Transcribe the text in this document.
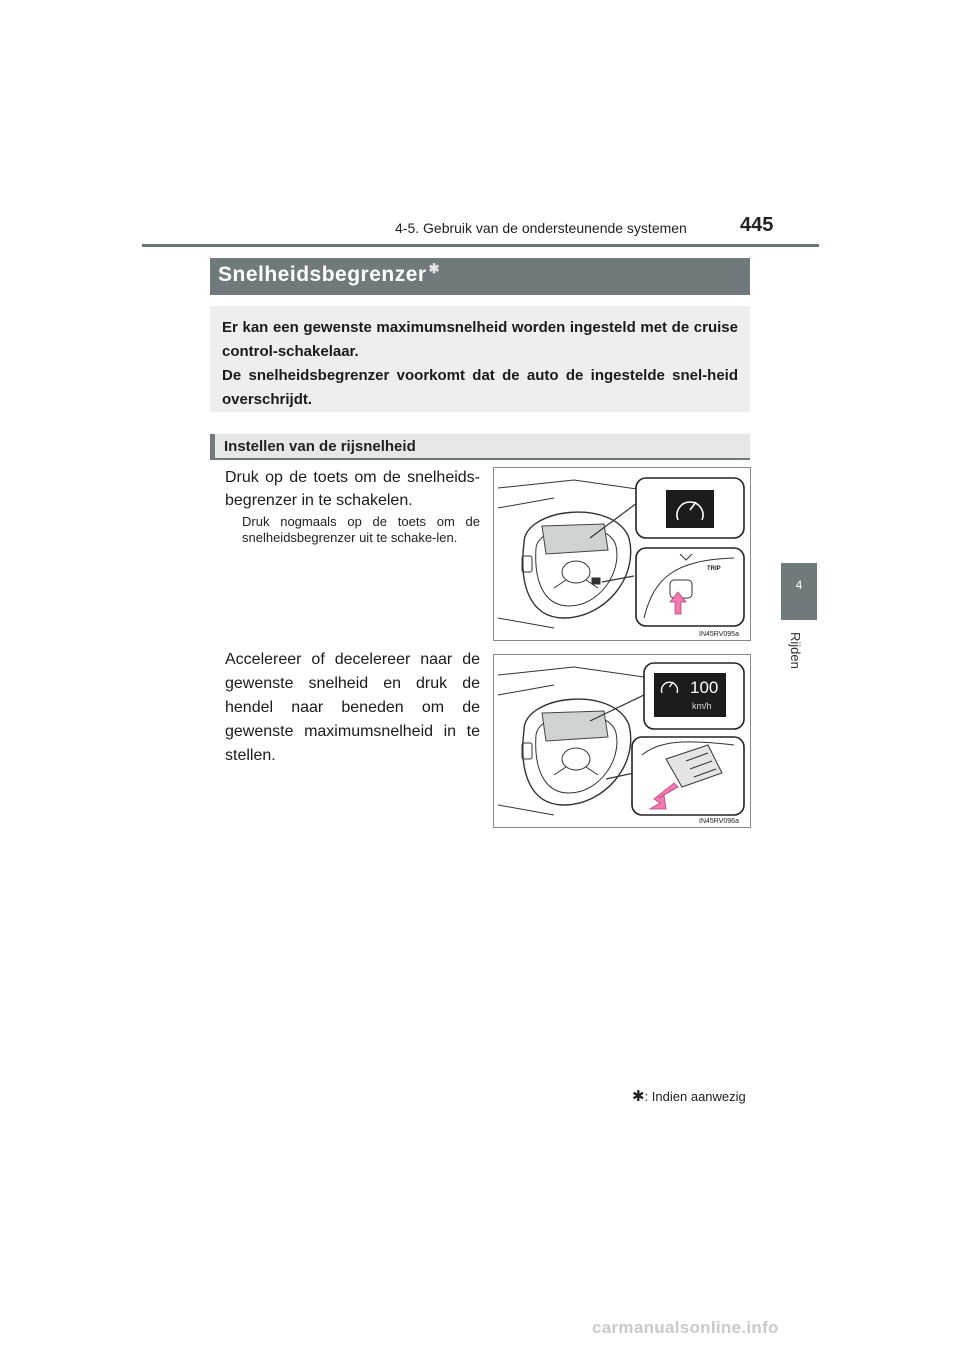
4-5. Gebruik van de ondersteunende systemen	445
4
Rijden
Snelheidsbegrenzer ✱

Er kan een gewenste maximumsnelheid worden ingesteld met de cruise control-schakelaar.

De snelheidsbegrenzer voorkomt dat de auto de ingestelde snel-heid overschrijdt.

Instellen van de rijsnelheid
Druk op de toets om de snelheids-begrenzer in te schakelen.
Druk nogmaals op de toets om de snelheidsbegrenzer uit te schake-len.
Accelereer of decelereer naar de gewenste snelheid en druk de hendel naar beneden om de gewenste maximumsnelheid in te stellen.
TRIP
IN45RV095a
100
km/h
IN45RV096a
✱: Indien aanwezig
carmanualsonline.info
